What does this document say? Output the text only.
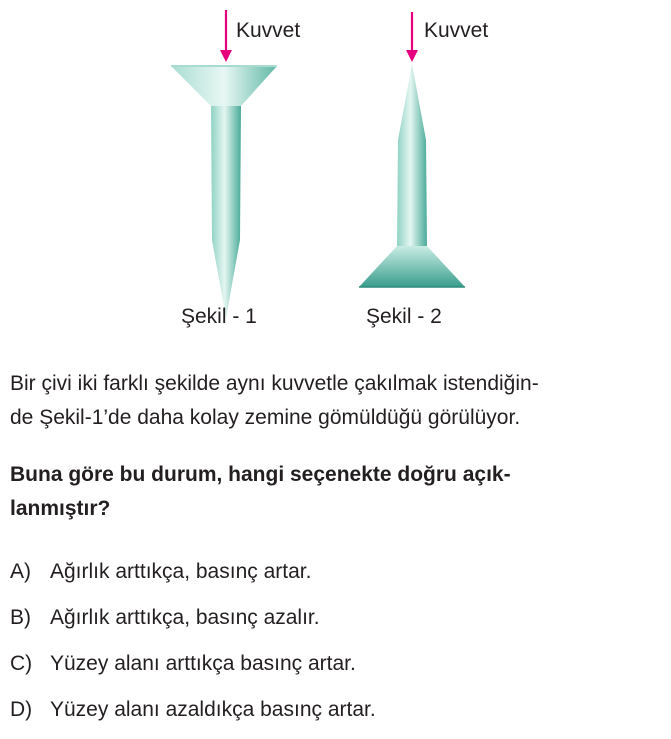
Kuvvet	Kuvvet
Şekil - 1	Şekil - 2

Bir çivi iki farklı şekilde aynı kuvvetle çakılmak istendiğin-
de Şekil-1’de daha kolay zemine gömüldüğü görülüyor.

Buna göre bu durum, hangi seçenekte doğru açık-
lanmıştır?

A) Ağırlık arttıkça, basınç artar.
B) Ağırlık arttıkça, basınç azalır.
C) Yüzey alanı arttıkça basınç artar.
D) Yüzey alanı azaldıkça basınç artar.
